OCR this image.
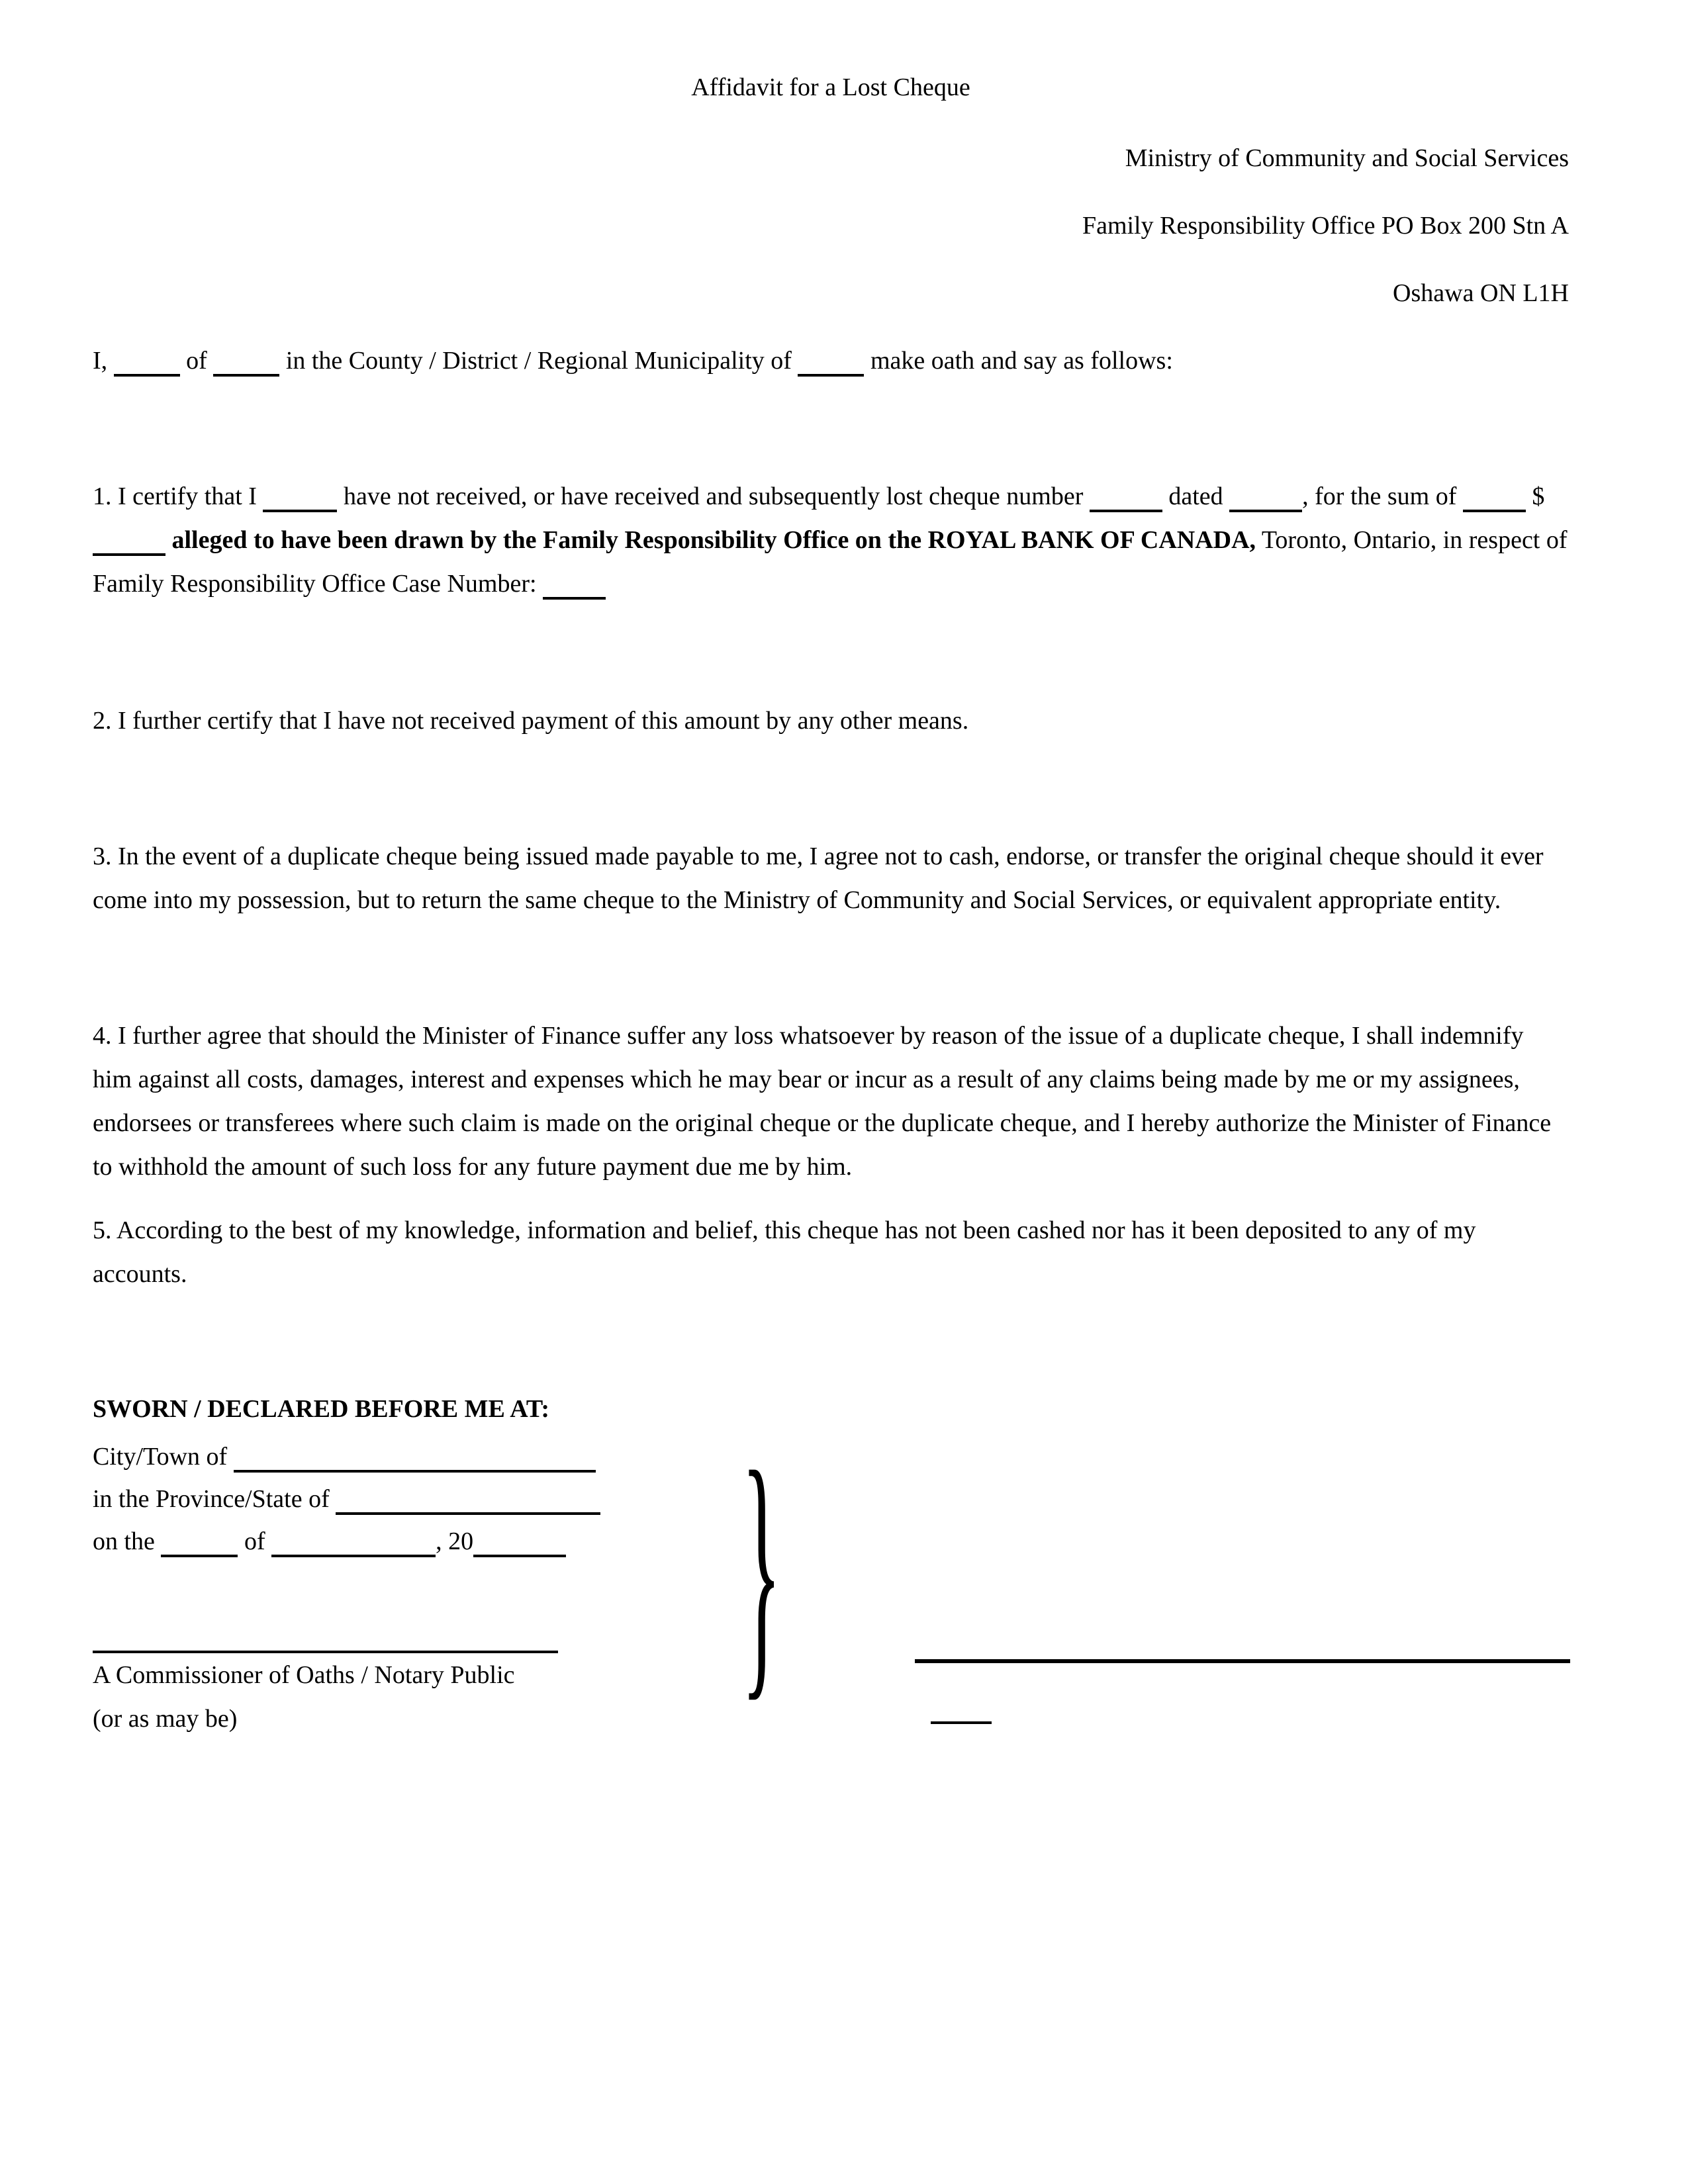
Affidavit for a Lost Cheque
Ministry of Community and Social Services
Family Responsibility Office PO Box 200 Stn A
Oshawa ON L1H

I,	of	in the County / District / Regional Municipality of	make oath and say as follows:

1. I certify that I	have not received, or have received and subsequently lost cheque number	dated	, for the sum of	$  alleged to have been drawn by the Family Responsibility Office on the ROYAL BANK OF CANADA, Toronto, Ontario, in respect of Family Responsibility Office Case Number:

2. I further certify that I have not received payment of this amount by any other means.

3. In the event of a duplicate cheque being issued made payable to me, I agree not to cash, endorse, or transfer the original cheque should it ever come into my possession, but to return the same cheque to the Ministry of Community and Social Services, or equivalent appropriate entity.

4. I further agree that should the Minister of Finance suffer any loss whatsoever by reason of the issue of a duplicate cheque, I shall indemnify him against all costs, damages, interest and expenses which he may bear or incur as a result of any claims being made by me or my assignees, endorsees or transferees where such claim is made on the original cheque or the duplicate cheque, and I hereby authorize the Minister of Finance to withhold the amount of such loss for any future payment due me by him.

5. According to the best of my knowledge, information and belief, this cheque has not been cashed nor has it been deposited to any of my accounts.

SWORN / DECLARED BEFORE ME AT:
City/Town of
in the Province/State of
on the	of	, 20 }
A Commissioner of Oaths / Notary Public
(or as may be)
